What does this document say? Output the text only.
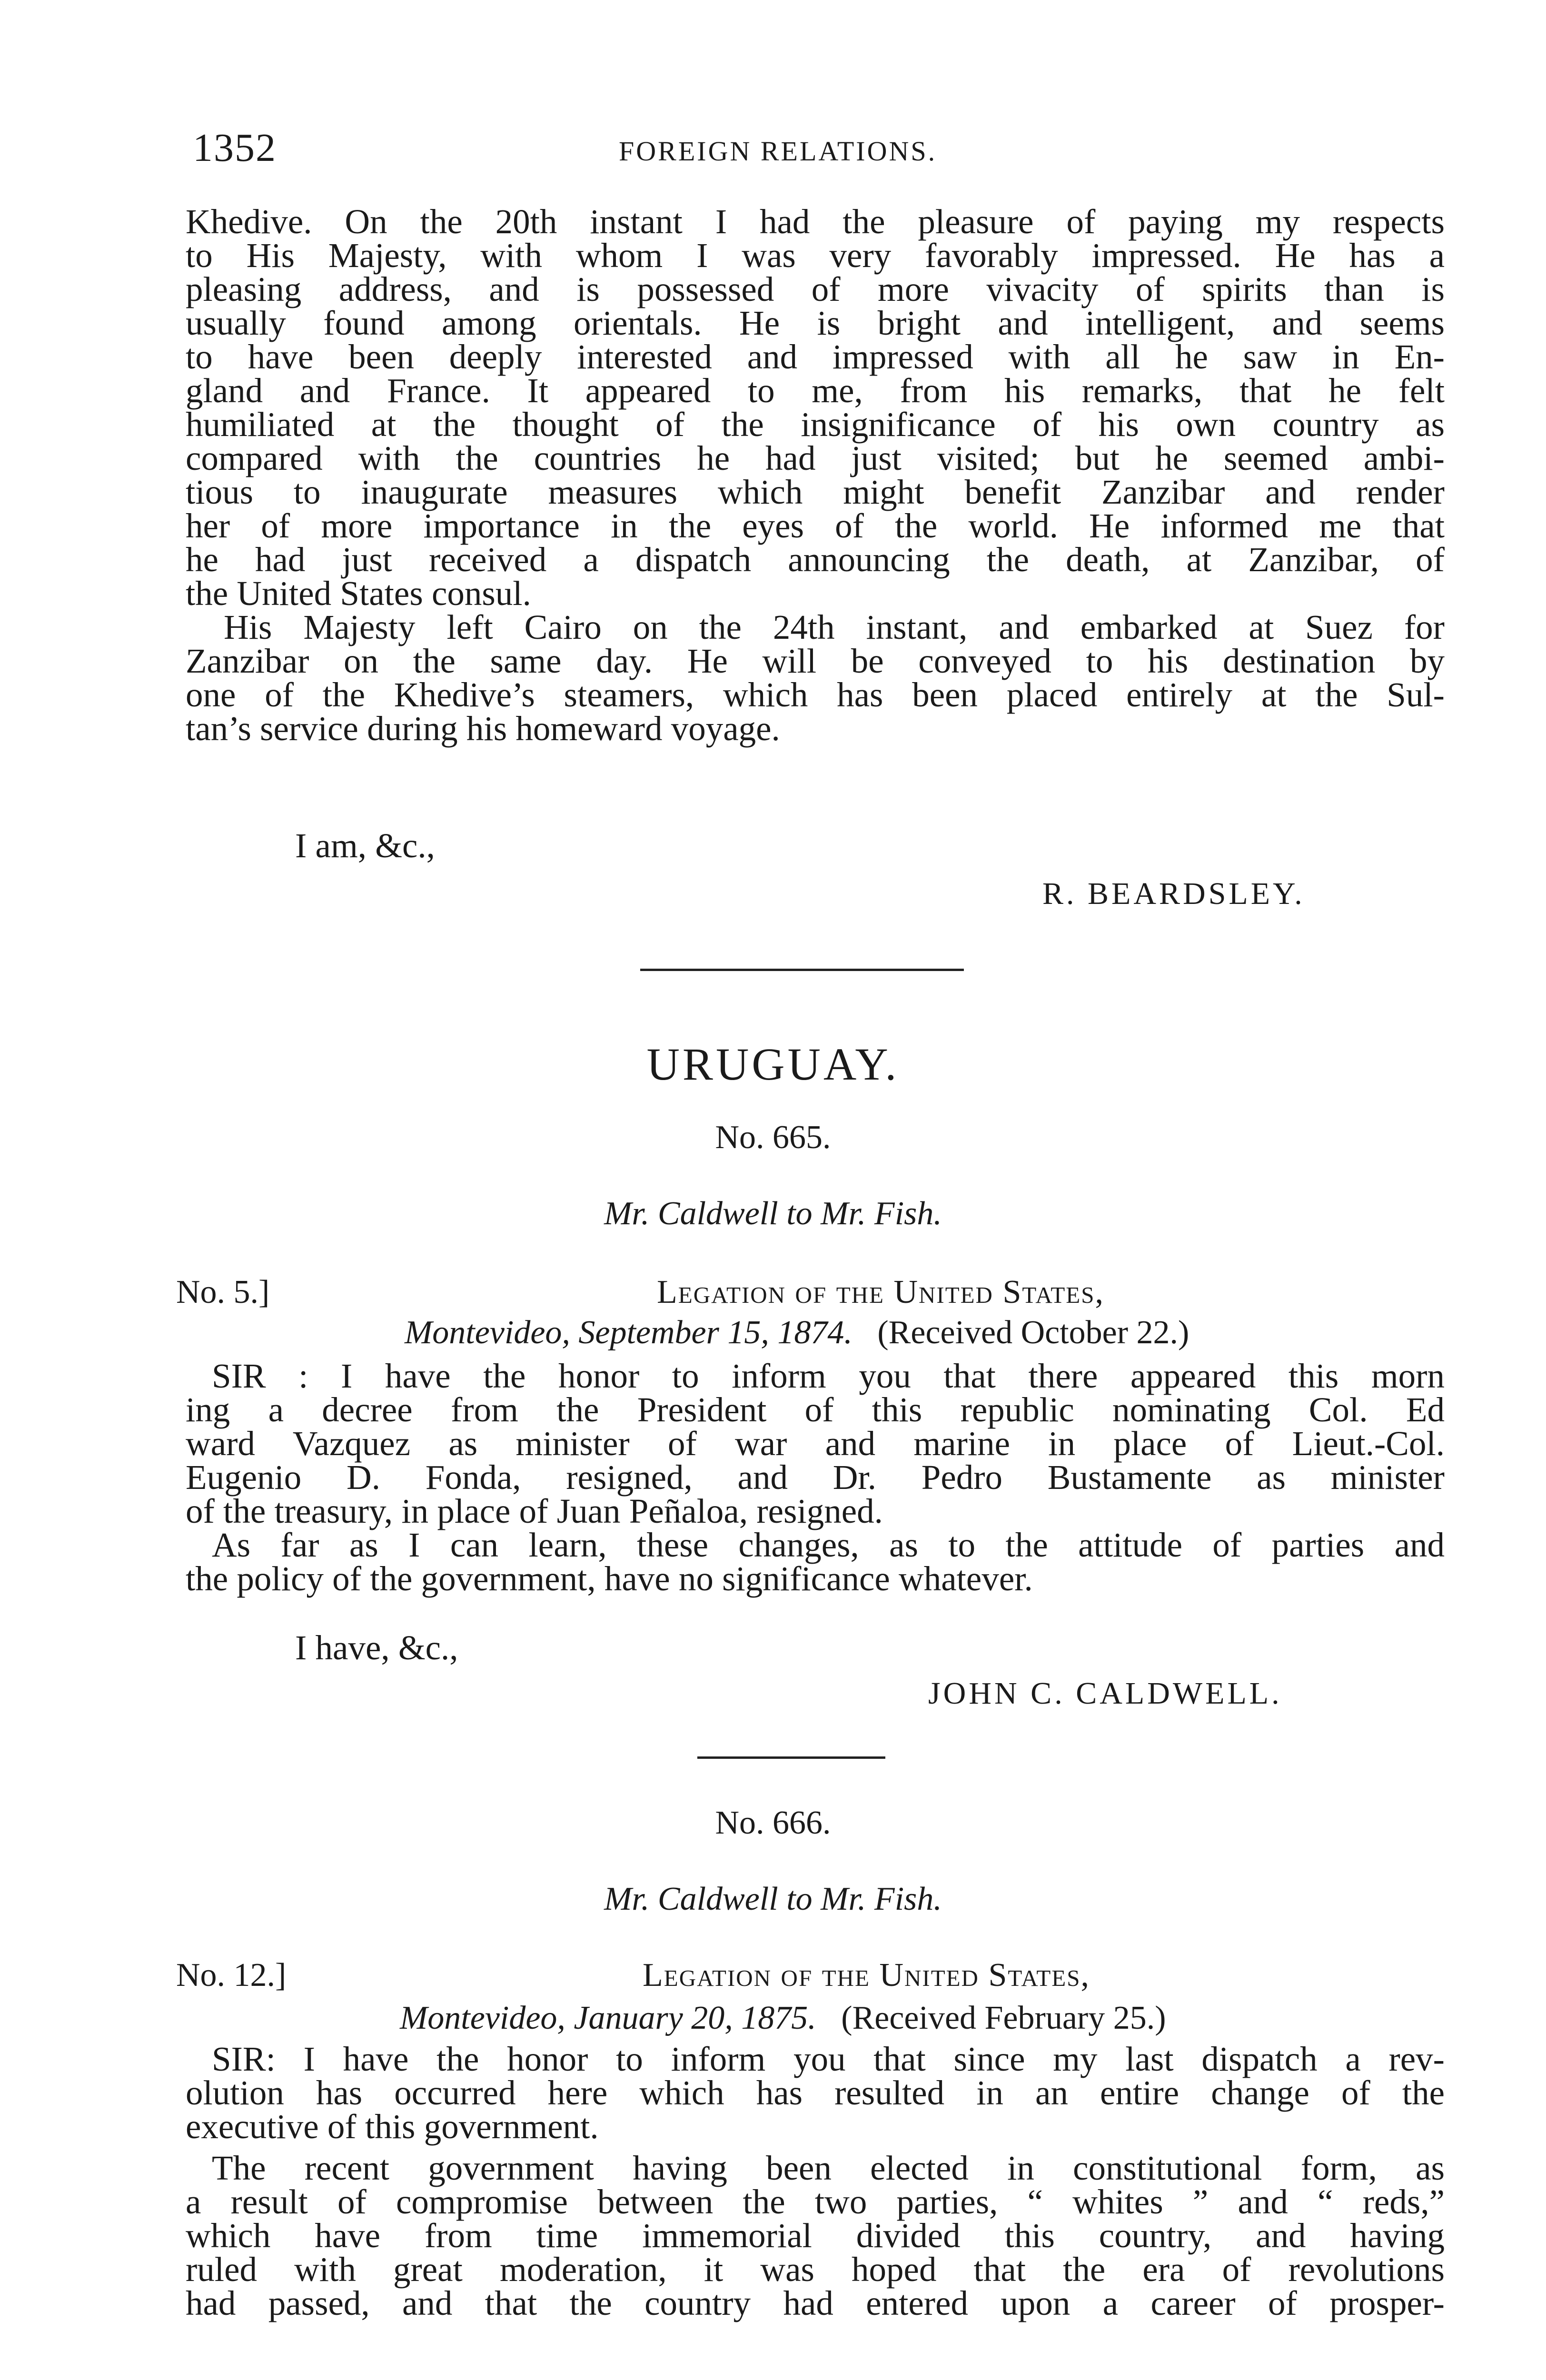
1352	FOREIGN RELATIONS.

Khedive. On the 20th instant I had the pleasure of paying my respects
to His Majesty, with whom I was very favorably impressed. He has a
pleasing address, and is possessed of more vivacity of spirits than is
usually found among orientals. He is bright and intelligent, and seems
to have been deeply interested and impressed with all he saw in En-
gland and France. It appeared to me, from his remarks, that he felt
humiliated at the thought of the insignificance of his own country as
compared with the countries he had just visited; but he seemed ambi-
tious to inaugurate measures which might benefit Zanzibar and render
her of more importance in the eyes of the world. He informed me that
he had just received a dispatch announcing the death, at Zanzibar, of
the United States consul.

His Majesty left Cairo on the 24th instant, and embarked at Suez for
Zanzibar on the same day. He will be conveyed to his destination by
one of the Khedive’s steamers, which has been placed entirely at the Sul-
tan’s service during his homeward voyage.

I am, &c.,
R. BEARDSLEY.
URUGUAY.
No. 665.
Mr. Caldwell to Mr. Fish.
No. 5.]	Legation of the United States,
Montevideo, September 15, 1874. (Received October 22.)

SIR : I have the honor to inform you that there appeared this morn
ing a decree from the President of this republic nominating Col. Ed
ward Vazquez as minister of war and marine in place of Lieut.-Col.
Eugenio D. Fonda, resigned, and Dr. Pedro Bustamente as minister
of the treasury, in place of Juan Peñaloa, resigned.

As far as I can learn, these changes, as to the attitude of parties and
the policy of the government, have no significance whatever.

I have, &c.,
JOHN C. CALDWELL.
No. 666.
Mr. Caldwell to Mr. Fish.
No. 12.]	Legation of the United States,
Montevideo, January 20, 1875. (Received February 25.)

SIR: I have the honor to inform you that since my last dispatch a rev-
olution has occurred here which has resulted in an entire change of the
executive of this government.

The recent government having been elected in constitutional form, as
a result of compromise between the two parties, “ whites ” and “ reds,”
which have from time immemorial divided this country, and having
ruled with great moderation, it was hoped that the era of revolutions
had passed, and that the country had entered upon a career of prosper-
